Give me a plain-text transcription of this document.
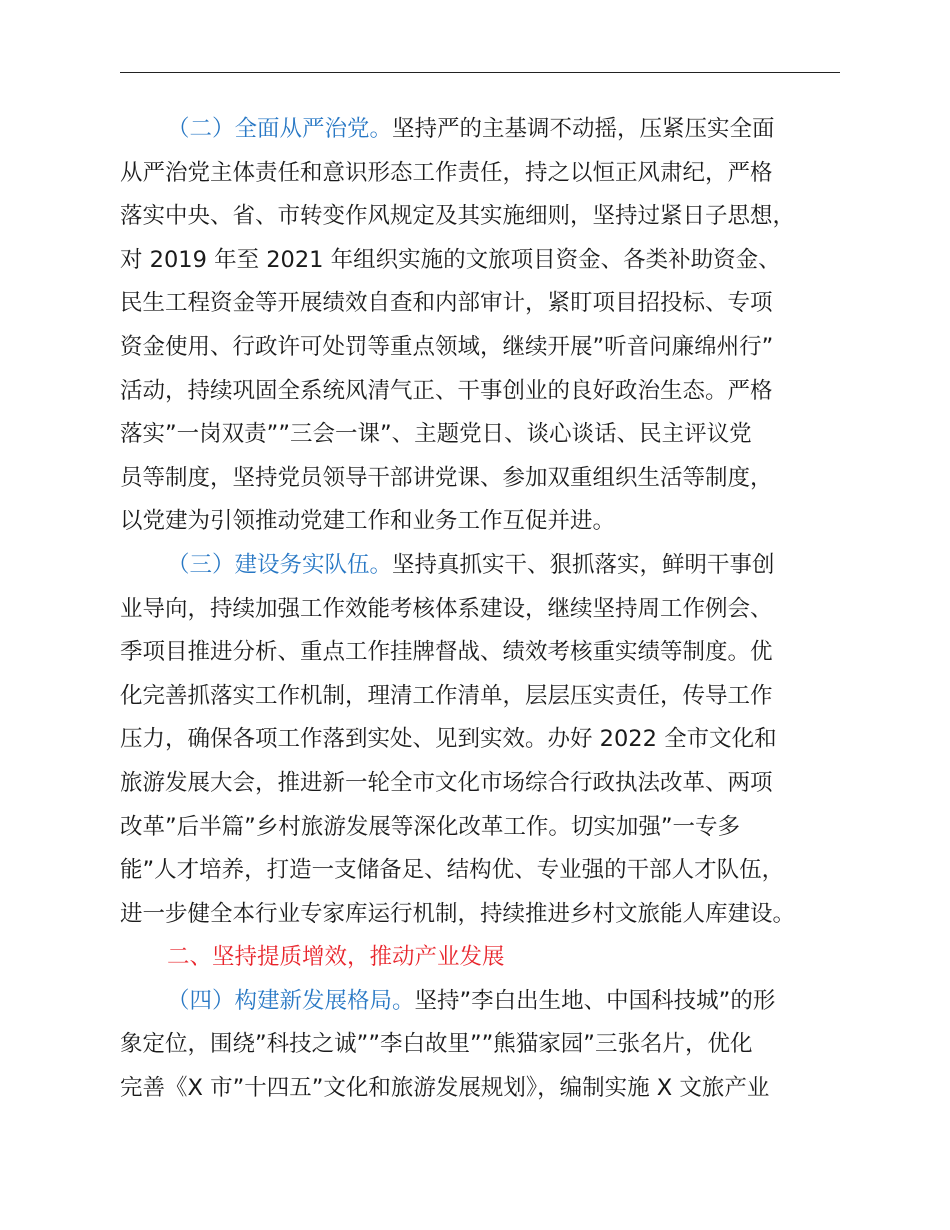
（二）全面从严治党。坚持严的主基调不动摇，压紧压实全面
从严治党主体责任和意识形态工作责任，持之以恒正风肃纪，严格
落实中央、省、市转变作风规定及其实施细则，坚持过紧日子思想，
对 2019 年至 2021 年组织实施的文旅项目资金、各类补助资金、
民生工程资金等开展绩效自查和内部审计，紧盯项目招投标、专项
资金使用、行政许可处罚等重点领域，继续开展”听音问廉绵州行”
活动，持续巩固全系统风清气正、干事创业的良好政治生态。严格
落实”一岗双责””三会一课”、主题党日、谈心谈话、民主评议党
员等制度，坚持党员领导干部讲党课、参加双重组织生活等制度，
以党建为引领推动党建工作和业务工作互促并进。
（三）建设务实队伍。坚持真抓实干、狠抓落实，鲜明干事创
业导向，持续加强工作效能考核体系建设，继续坚持周工作例会、
季项目推进分析、重点工作挂牌督战、绩效考核重实绩等制度。优
化完善抓落实工作机制，理清工作清单，层层压实责任，传导工作
压力，确保各项工作落到实处、见到实效。办好 2022 全市文化和
旅游发展大会，推进新一轮全市文化市场综合行政执法改革、两项
改革”后半篇”乡村旅游发展等深化改革工作。切实加强”一专多
能”人才培养，打造一支储备足、结构优、专业强的干部人才队伍，
进一步健全本行业专家库运行机制，持续推进乡村文旅能人库建设。
二、坚持提质增效，推动产业发展
（四）构建新发展格局。坚持”李白出生地、中国科技城”的形
象定位，围绕”科技之诚””李白故里””熊猫家园”三张名片，优化
完善《X 市”十四五”文化和旅游发展规划》，编制实施 X 文旅产业
